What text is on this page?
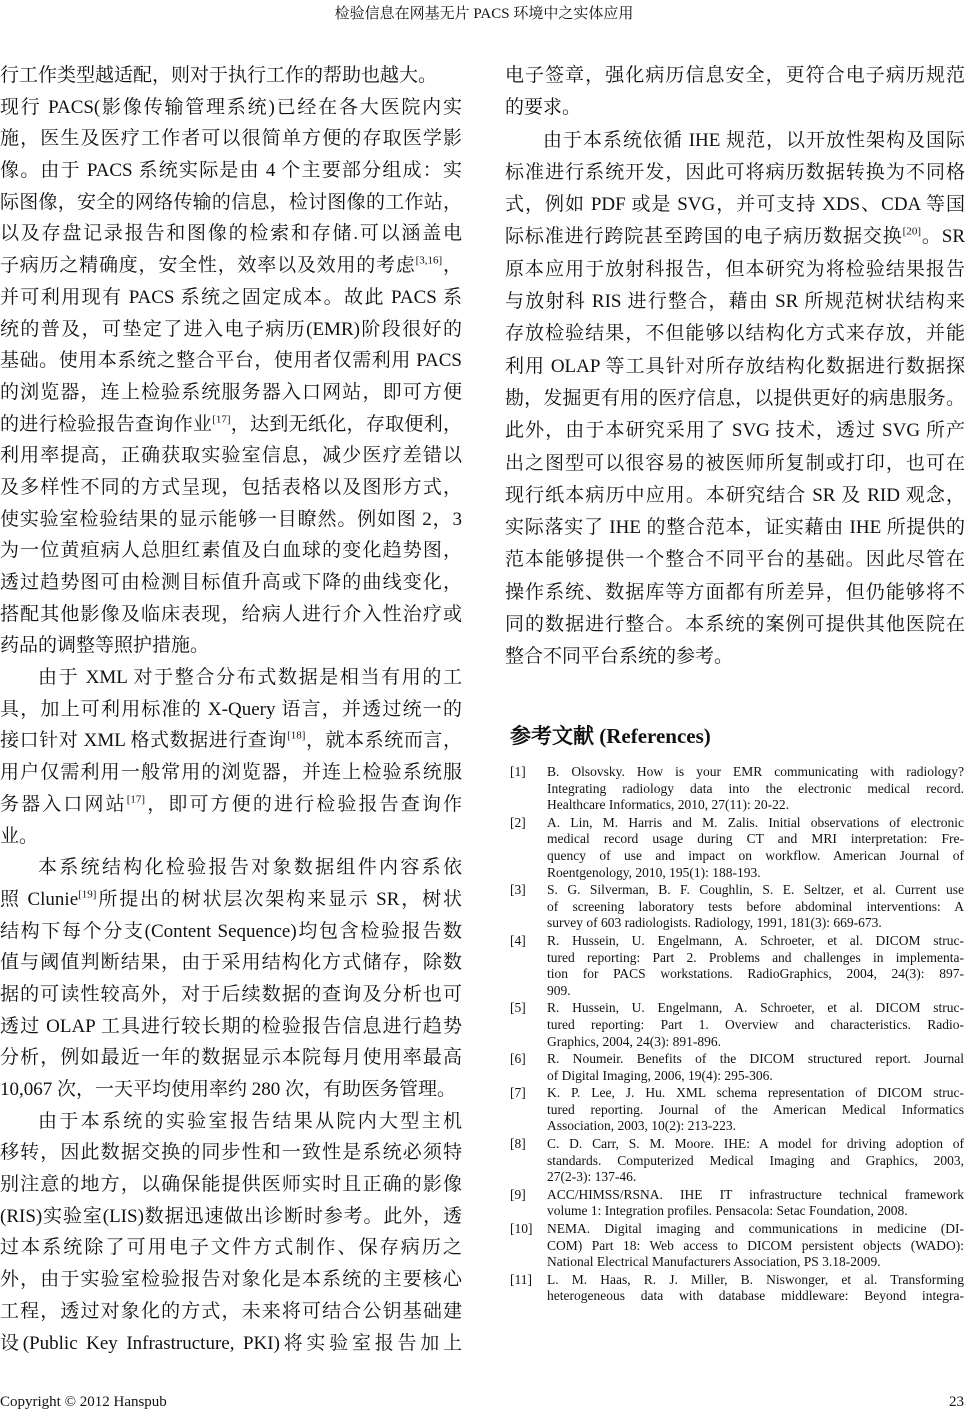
检验信息在网基无片 PACS 环境中之实体应用
行工作类型越适配，则对于执行工作的帮助也越大。
现行 PACS(影像传输管理系统)已经在各大医院内实
施，医生及医疗工作者可以很简单方便的存取医学影
像。由于 PACS 系统实际是由 4 个主要部分组成：实
际图像，安全的网络传输的信息，检讨图像的工作站，
以及存盘记录报告和图像的检索和存储.可以涵盖电
子病历之精确度，安全性，效率以及效用的考虑[3,16]，
并可利用现有 PACS 系统之固定成本。故此 PACS 系
统的普及，可垫定了进入电子病历(EMR)阶段很好的
基础。使用本系统之整合平台，使用者仅需利用 PACS
的浏览器，连上检验系统服务器入口网站，即可方便
的进行检验报告查询作业[17]，达到无纸化，存取便利，
利用率提高，正确获取实验室信息，减少医疗差错以
及多样性不同的方式呈现，包括表格以及图形方式，
使实验室检验结果的显示能够一目瞭然。例如图 2，3
为一位黄疸病人总胆红素值及白血球的变化趋势图，
透过趋势图可由检测目标值升高或下降的曲线变化，
搭配其他影像及临床表现，给病人进行介入性治疗或
药品的调整等照护措施。
由于 XML 对于整合分布式数据是相当有用的工
具，加上可利用标准的 X-Query 语言，并透过统一的
接口针对 XML 格式数据进行查询[18]，就本系统而言，
用户仅需利用一般常用的浏览器，并连上检验系统服
务器入口网站[17]，即可方便的进行检验报告查询作
业。
本系统结构化检验报告对象数据组件内容系依
照 Clunie[19]所提出的树状层次架构来显示 SR，树状
结构下每个分支(Content Sequence)均包含检验报告数
值与阈值判断结果，由于采用结构化方式储存，除数
据的可读性较高外，对于后续数据的查询及分析也可
透过 OLAP 工具进行较长期的检验报告信息进行趋势
分析，例如最近一年的数据显示本院每月使用率最高
10,067 次，一天平均使用率约 280 次，有助医务管理。
由于本系统的实验室报告结果从院内大型主机
移转，因此数据交换的同步性和一致性是系统必须特
别注意的地方，以确保能提供医师实时且正确的影像
(RIS)实验室(LIS)数据迅速做出诊断时参考。此外，透
过本系统除了可用电子文件方式制作、保存病历之
外，由于实验室检验报告对象化是本系统的主要核心
工程，透过对象化的方式，未来将可结合公钥基础建
设(Public Key Infrastructure, PKI)将实验室报告加上
电子签章，强化病历信息安全，更符合电子病历规范
的要求。
由于本系统依循 IHE 规范，以开放性架构及国际
标准进行系统开发，因此可将病历数据转换为不同格
式，例如 PDF 或是 SVG，并可支持 XDS、CDA 等国
际标准进行跨院甚至跨国的电子病历数据交换[20]。SR
原本应用于放射科报告，但本研究为将检验结果报告
与放射科 RIS 进行整合，藉由 SR 所规范树状结构来
存放检验结果，不但能够以结构化方式来存放，并能
利用 OLAP 等工具针对所存放结构化数据进行数据探
勘，发掘更有用的医疗信息，以提供更好的病患服务。
此外，由于本研究采用了 SVG 技术，透过 SVG 所产
出之图型可以很容易的被医师所复制或打印，也可在
现行纸本病历中应用。本研究结合 SR 及 RID 观念，
实际落实了 IHE 的整合范本，证实藉由 IHE 所提供的
范本能够提供一个整合不同平台的基础。因此尽管在
操作系统、数据库等方面都有所差异，但仍能够将不
同的数据进行整合。本系统的案例可提供其他医院在
整合不同平台系统的参考。
参考文献 (References)
[1] B. Olsovsky. How is your EMR communicating with radiology?
Integrating radiology data into the electronic medical record.
Healthcare Informatics, 2010, 27(11): 20-22.
[2] A. Lin, M. Harris and M. Zalis. Initial observations of electronic
medical record usage during CT and MRI interpretation: Fre-
quency of use and impact on workflow. American Journal of
Roentgenology, 2010, 195(1): 188-193.
[3] S. G. Silverman, B. F. Coughlin, S. E. Seltzer, et al. Current use
of screening laboratory tests before abdominal interventions: A
survey of 603 radiologists. Radiology, 1991, 181(3): 669-673.
[4] R. Hussein, U. Engelmann, A. Schroeter, et al. DICOM struc-
tured reporting: Part 2. Problems and challenges in implementa-
tion for PACS workstations. RadioGraphics, 2004, 24(3): 897-
909.
[5] R. Hussein, U. Engelmann, A. Schroeter, et al. DICOM struc-
tured reporting: Part 1. Overview and characteristics. Radio-
Graphics, 2004, 24(3): 891-896.
[6] R. Noumeir. Benefits of the DICOM structured report. Journal
of Digital Imaging, 2006, 19(4): 295-306.
[7] K. P. Lee, J. Hu. XML schema representation of DICOM struc-
tured reporting. Journal of the American Medical Informatics
Association, 2003, 10(2): 213-223.
[8] C. D. Carr, S. M. Moore. IHE: A model for driving adoption of
standards. Computerized Medical Imaging and Graphics, 2003,
27(2-3): 137-46.
[9] ACC/HIMSS/RSNA. IHE IT infrastructure technical framework
volume 1: Integration profiles. Pensacola: Setac Foundation, 2008.
[10] NEMA. Digital imaging and communications in medicine (DI-
COM) Part 18: Web access to DICOM persistent objects (WADO):
National Electrical Manufacturers Association, PS 3.18-2009.
[11] L. M. Haas, R. J. Miller, B. Niswonger, et al. Transforming
heterogeneous data with database middleware: Beyond integra-
Copyright © 2012 Hanspub	23
